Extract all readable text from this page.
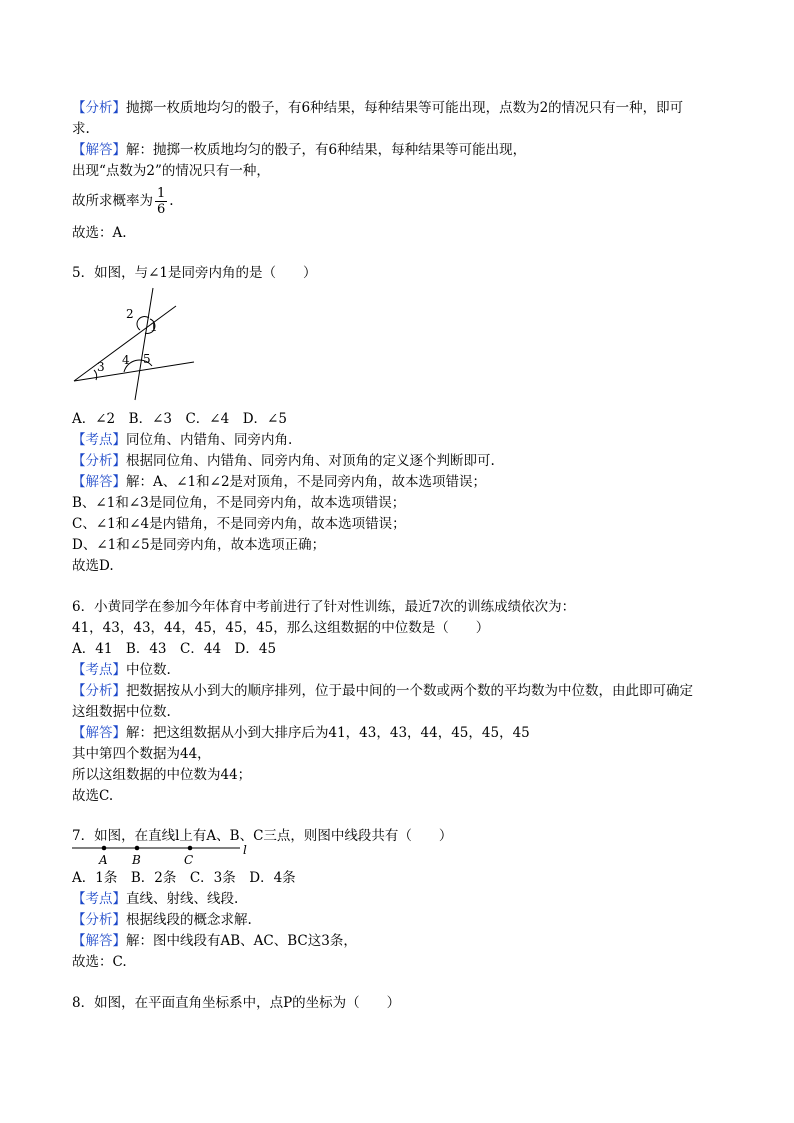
【分析】抛掷一枚质地均匀的骰子，有6种结果，每种结果等可能出现，点数为2的情况只有一种，即可
求.
【解答】解：抛掷一枚质地均匀的骰子，有6种结果，每种结果等可能出现，
出现“点数为2”的情况只有一种，
故所求概率为 $\frac{1}{6}$ .
故选：A.
5．如图，与∠1是同旁内角的是（　　）
2
1
3 4 5
A．∠2　B．∠3　C．∠4　D．∠5
【考点】同位角、内错角、同旁内角.
【分析】根据同位角、内错角、同旁内角、对顶角的定义逐个判断即可.
【解答】解：A、∠1和∠2是对顶角，不是同旁内角，故本选项错误；
B、∠1和∠3是同位角，不是同旁内角，故本选项错误；
C、∠1和∠4是内错角，不是同旁内角，故本选项错误；
D、∠1和∠5是同旁内角，故本选项正确；
故选D.
6．小黄同学在参加今年体育中考前进行了针对性训练，最近7次的训练成绩依次为：
41，43，43，44，45，45，45，那么这组数据的中位数是（　　）
A．41　B．43　C．44　D．45
【考点】中位数.
【分析】把数据按从小到大的顺序排列，位于最中间的一个数或两个数的平均数为中位数，由此即可确定
这组数据中位数.
【解答】解：把这组数据从小到大排序后为41，43，43，44，45，45，45
其中第四个数据为44，
所以这组数据的中位数为44；
故选C.
7．如图，在直线l上有A、B、C三点，则图中线段共有（　　）
A B	C
l
A．1条　B．2条　C．3条　D．4条
【考点】直线、射线、线段.
【分析】根据线段的概念求解.
【解答】解：图中线段有AB、AC、BC这3条，
故选：C.
8．如图，在平面直角坐标系中，点P的坐标为（　　）
